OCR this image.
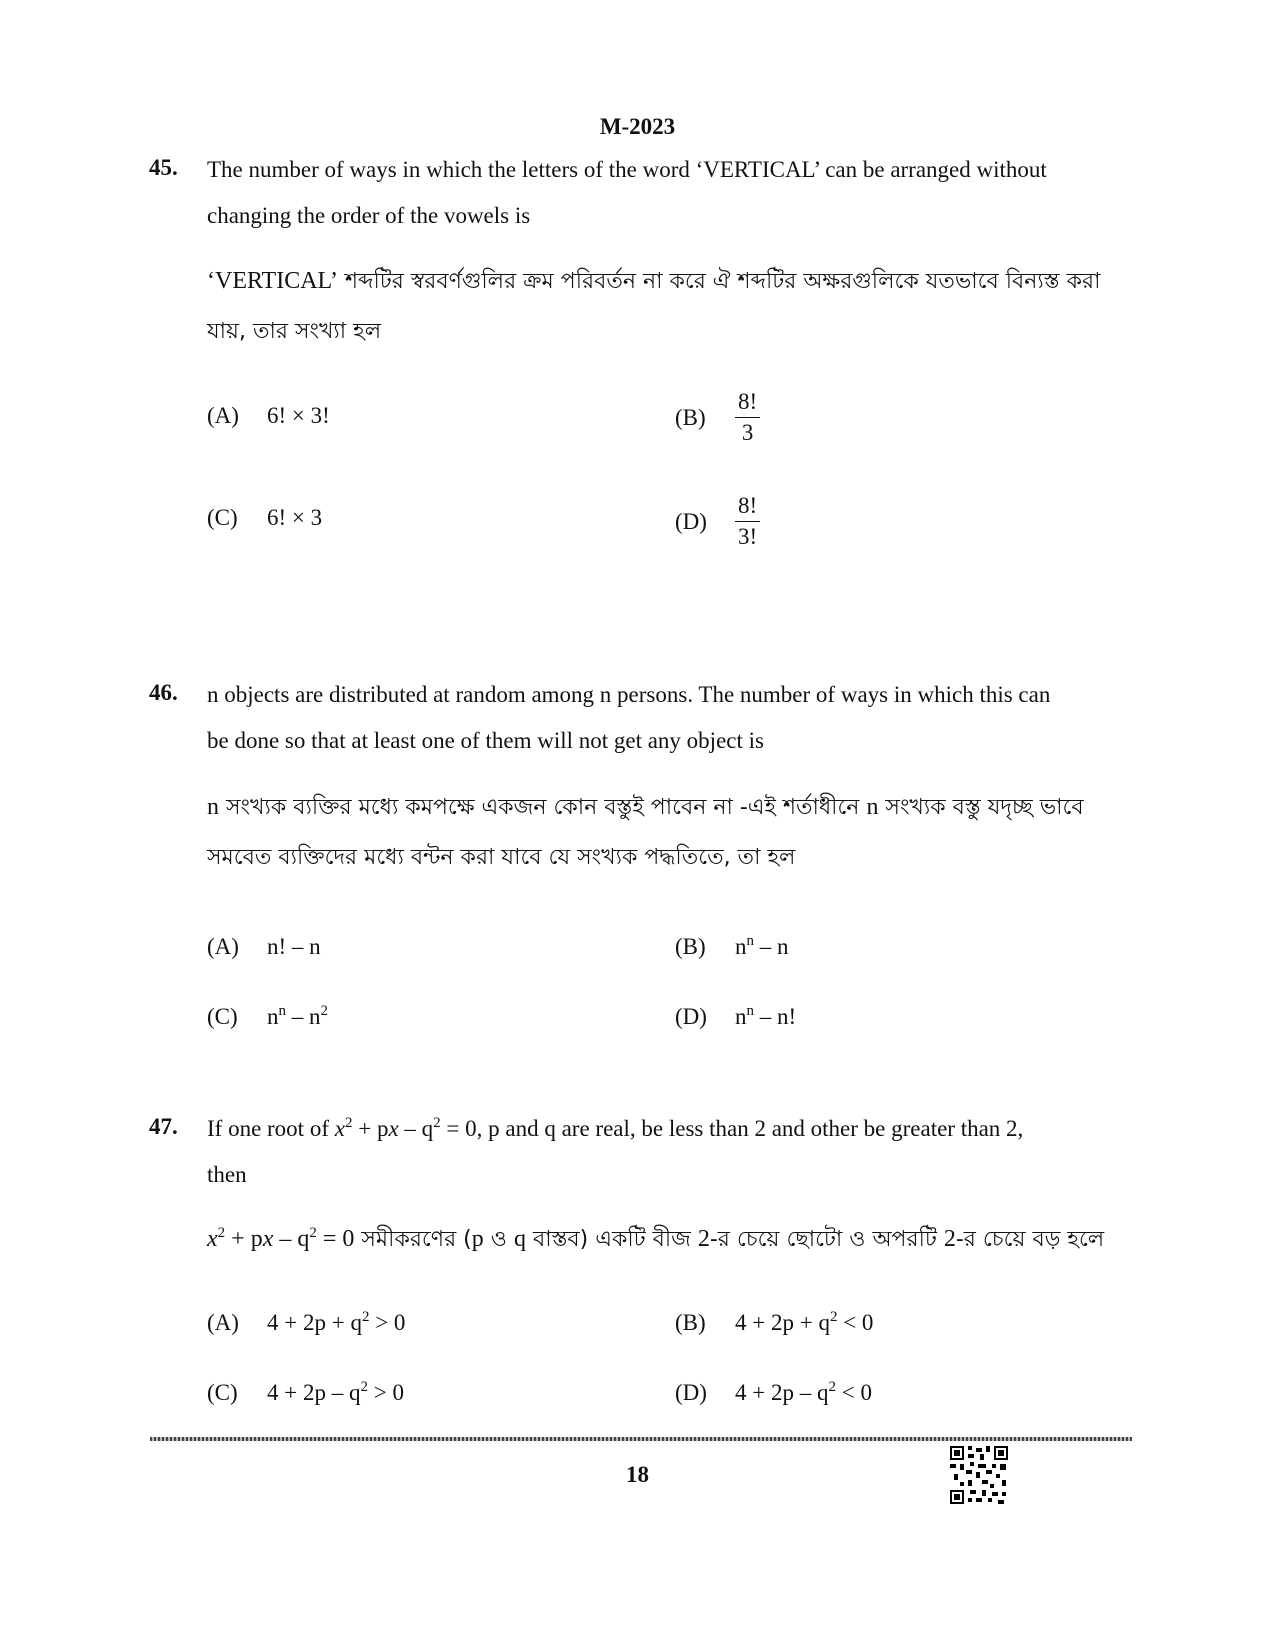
M-2023
45. The number of ways in which the letters of the word ‘VERTICAL’ can be arranged without
changing the order of the vowels is
‘VERTICAL’ শব্দটির স্বরবর্ণগুলির ক্রম পরিবর্তন না করে ঐ শব্দটির অক্ষরগুলিকে যতভাবে বিন্যস্ত করা
যায়, তার সংখ্যা হল
(A) 6! × 3!	$(B) \frac{8!}{3}$
(C) 6! × 3	$(D) \frac{8!}{3!}$
46. n objects are distributed at random among n persons. The number of ways in which this can
be done so that at least one of them will not get any object is
n সংখ্যক ব্যক্তির মধ্যে কমপক্ষে একজন কোন বস্তুই পাবেন না -এই শর্তাধীনে n সংখ্যক বস্তু যদৃচ্ছ ভাবে
সমবেত ব্যক্তিদের মধ্যে বন্টন করা যাবে যে সংখ্যক পদ্ধতিতে, তা হল
(A) n! – n	(B) $n^n$ – n
(C) $n^n - n^2$	(D) $n^n$ – n!
47. If one root of $x^2$ + px – $q^2 = 0$, p and q are real, be less than 2 and other be greater than 2,
then
$x^2$ + px – $q^2 = 0$ সমীকরণের (p ও q বাস্তব) একটি বীজ 2-র চেয়ে ছোটো ও অপরটি 2-র চেয়ে বড় হলে
(A) $4 + 2p + q^2 > 0$	(B) $4 + 2p + q^2 < 0$
(C) $4 + 2p - q^2 > 0$	(D) $4 + 2p - q^2 < 0$
18
